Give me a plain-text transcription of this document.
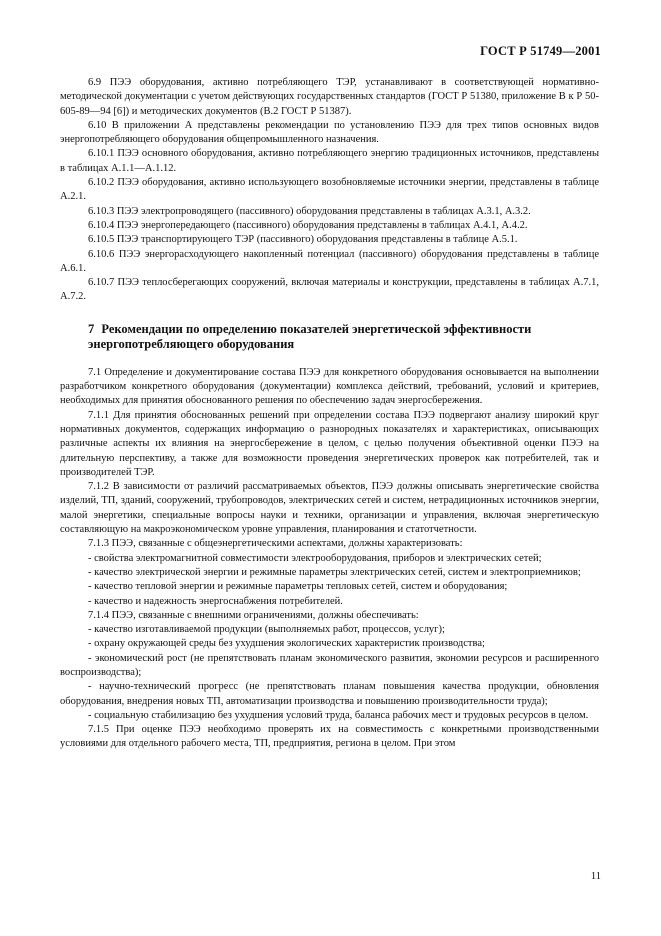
ГОСТ Р 51749—2001

6.9 ПЭЭ оборудования, активно потребляющего ТЭР, устанавливают в соответствующей нормативно-методической документации с учетом действующих государственных стандартов (ГОСТ Р 51380, приложение В к Р 50-605-89—94 [6]) и методических документов (В.2 ГОСТ Р 51387).

6.10 В приложении А представлены рекомендации по установлению ПЭЭ для трех типов основных видов энергопотребляющего оборудования общепромышленного назначения.

6.10.1 ПЭЭ основного оборудования, активно потребляющего энергию традиционных источников, представлены в таблицах А.1.1—А.1.12.

6.10.2 ПЭЭ оборудования, активно использующего возобновляемые источники энергии, представлены в таблице А.2.1.

6.10.3 ПЭЭ электропроводящего (пассивного) оборудования представлены в таблицах А.3.1, А.3.2.

6.10.4 ПЭЭ энергопередающего (пассивного) оборудования представлены в таблицах А.4.1, А.4.2.

6.10.5 ПЭЭ транспортирующего ТЭР (пассивного) оборудования представлены в таблице А.5.1.

6.10.6 ПЭЭ энергорасходующего накопленный потенциал (пассивного) оборудования представлены в таблице А.6.1.

6.10.7 ПЭЭ теплосберегающих сооружений, включая материалы и конструкции, представлены в таблицах А.7.1, А.7.2.

7 Рекомендации по определению показателей энергетической эффективности энергопотребляющего оборудования

7.1 Определение и документирование состава ПЭЭ для конкретного оборудования основывается на выполнении разработчиком конкретного оборудования (документации) комплекса действий, требований, условий и критериев, необходимых для принятия обоснованного решения по обеспечению задач энергосбережения.

7.1.1 Для принятия обоснованных решений при определении состава ПЭЭ подвергают анализу широкий круг нормативных документов, содержащих информацию о разнородных показателях и характеристиках, описывающих различные аспекты их влияния на энергосбережение в целом, с целью получения объективной оценки ПЭЭ на длительную перспективу, а также для возможности проведения энергетических проверок как потребителей, так и производителей ТЭР.

7.1.2 В зависимости от различий рассматриваемых объектов, ПЭЭ должны описывать энергетические свойства изделий, ТП, зданий, сооружений, трубопроводов, электрических сетей и систем, нетрадиционных источников энергии, малой энергетики, специальные вопросы науки и техники, организации и управления, включая энергетическую составляющую на макроэкономическом уровне управления, планирования и статотчетности.

7.1.3 ПЭЭ, связанные с общеэнергетическими аспектами, должны характеризовать:

- свойства электромагнитной совместимости электрооборудования, приборов и электрических сетей;

- качество электрической энергии и режимные параметры электрических сетей, систем и электроприемников;

- качество тепловой энергии и режимные параметры тепловых сетей, систем и оборудования;

- качество и надежность энергоснабжения потребителей.

7.1.4 ПЭЭ, связанные с внешними ограничениями, должны обеспечивать:

- качество изготавливаемой продукции (выполняемых работ, процессов, услуг);

- охрану окружающей среды без ухудшения экологических характеристик производства;

- экономический рост (не препятствовать планам экономического развития, экономии ресурсов и расширенного воспроизводства);

- научно-технический прогресс (не препятствовать планам повышения качества продукции, обновления оборудования, внедрения новых ТП, автоматизации производства и повышению производительности труда);

- социальную стабилизацию без ухудшения условий труда, баланса рабочих мест и трудовых ресурсов в целом.

7.1.5 При оценке ПЭЭ необходимо проверять их на совместимость с конкретными производственными условиями для отдельного рабочего места, ТП, предприятия, региона в целом. При этом

11
